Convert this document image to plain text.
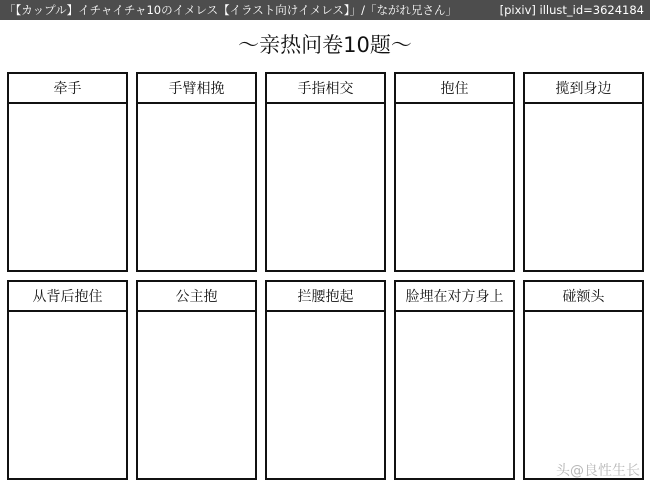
「【カップル】イチャイチャ10のイメレス【イラスト向けイメレス】」/「ながれ兄さん」	[pixiv] illust_id=3624184
～亲热问卷10题～
牵手	手臂相挽	手指相交	抱住	揽到身边
从背后抱住	公主抱	拦腰抱起	脸埋在对方身上	碰额头
头@良性生长
